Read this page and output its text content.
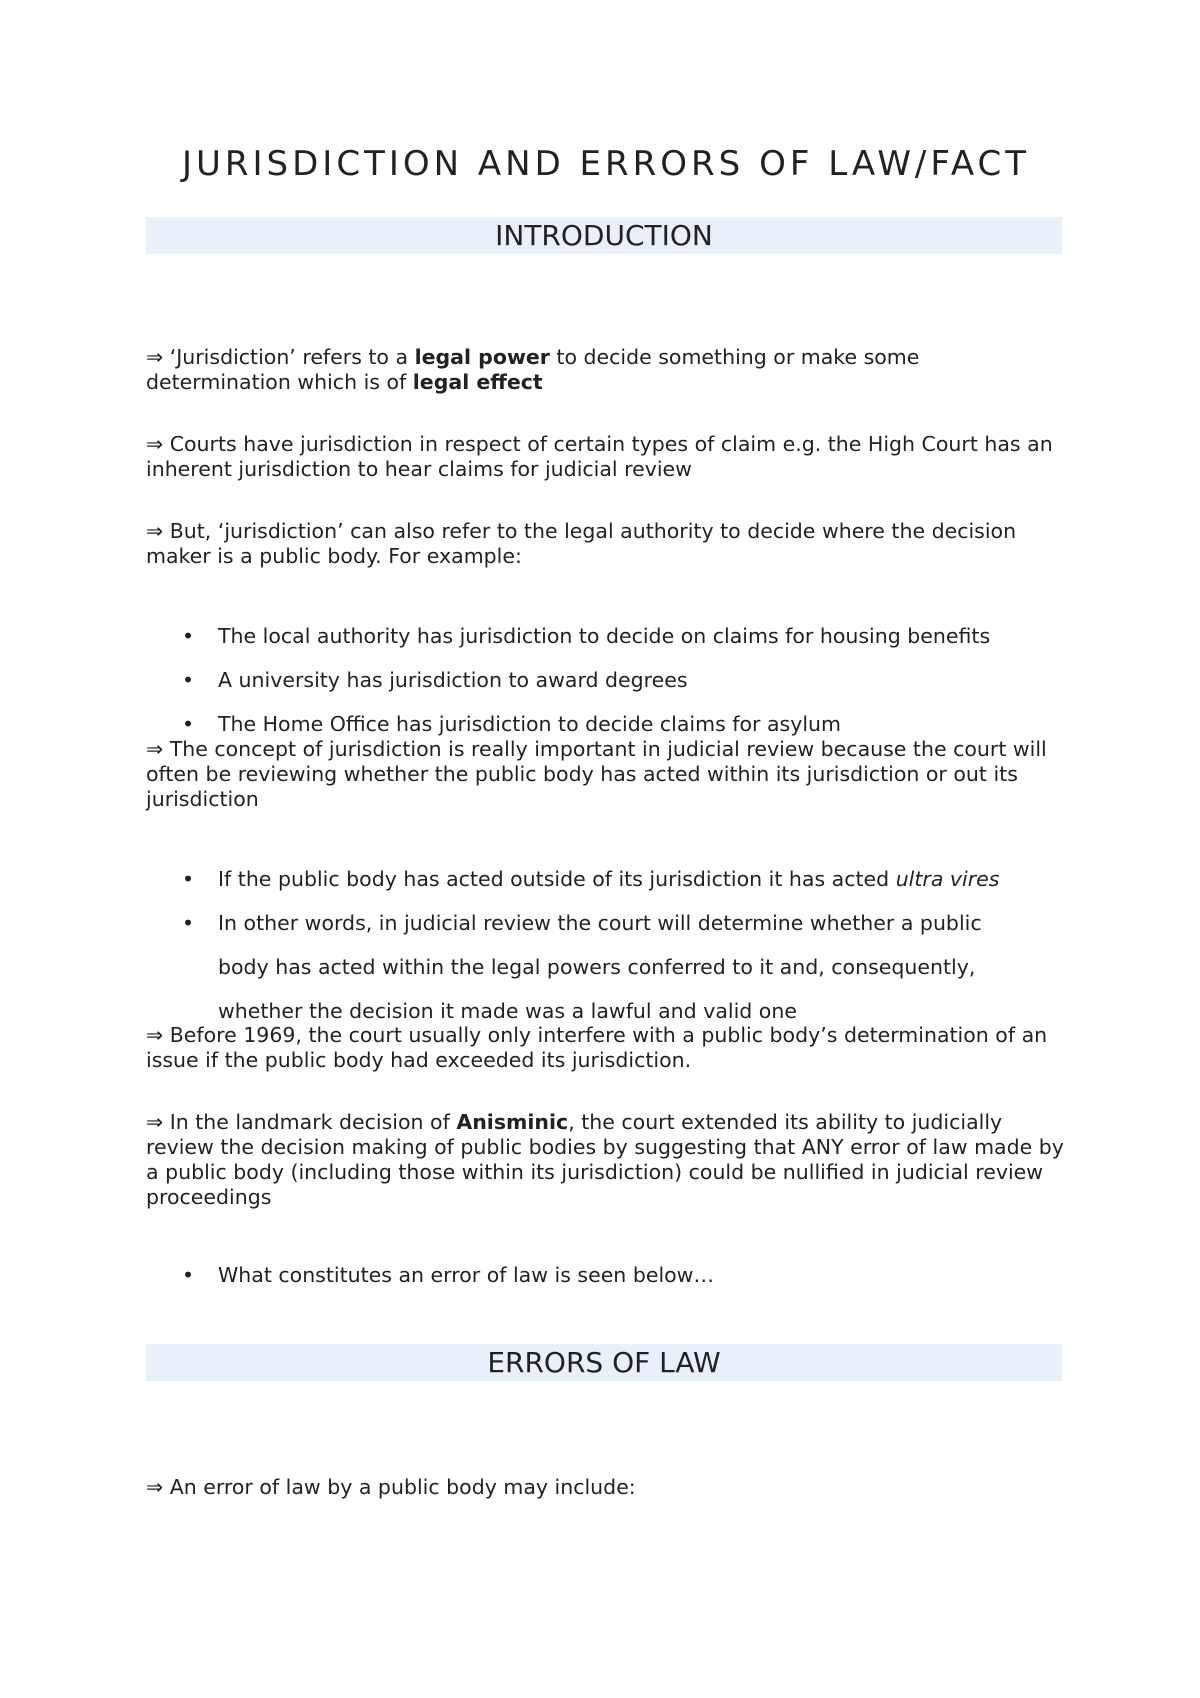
JURISDICTION AND ERRORS OF LAW/FACT
INTRODUCTION

⇒ ‘Jurisdiction’ refers to a legal power to decide something or make some determination which is of legal effect

⇒ Courts have jurisdiction in respect of certain types of claim e.g. the High Court has an inherent jurisdiction to hear claims for judicial review

⇒ But, ‘jurisdiction’ can also refer to the legal authority to decide where the decision maker is a public body. For example:

• The local authority has jurisdiction to decide on claims for housing benefits
• A university has jurisdiction to award degrees
• The Home Office has jurisdiction to decide claims for asylum

⇒ The concept of jurisdiction is really important in judicial review because the court will often be reviewing whether the public body has acted within its jurisdiction or out its jurisdiction

• If the public body has acted outside of its jurisdiction it has acted ultra vires
• In other words, in judicial review the court will determine whether a public body has acted within the legal powers conferred to it and, consequently, whether the decision it made was a lawful and valid one

⇒ Before 1969, the court usually only interfere with a public body’s determination of an issue if the public body had exceeded its jurisdiction.

⇒ In the landmark decision of Anisminic, the court extended its ability to judicially review the decision making of public bodies by suggesting that ANY error of law made by a public body (including those within its jurisdiction) could be nullified in judicial review proceedings

• What constitutes an error of law is seen below…
ERRORS OF LAW

⇒ An error of law by a public body may include:
